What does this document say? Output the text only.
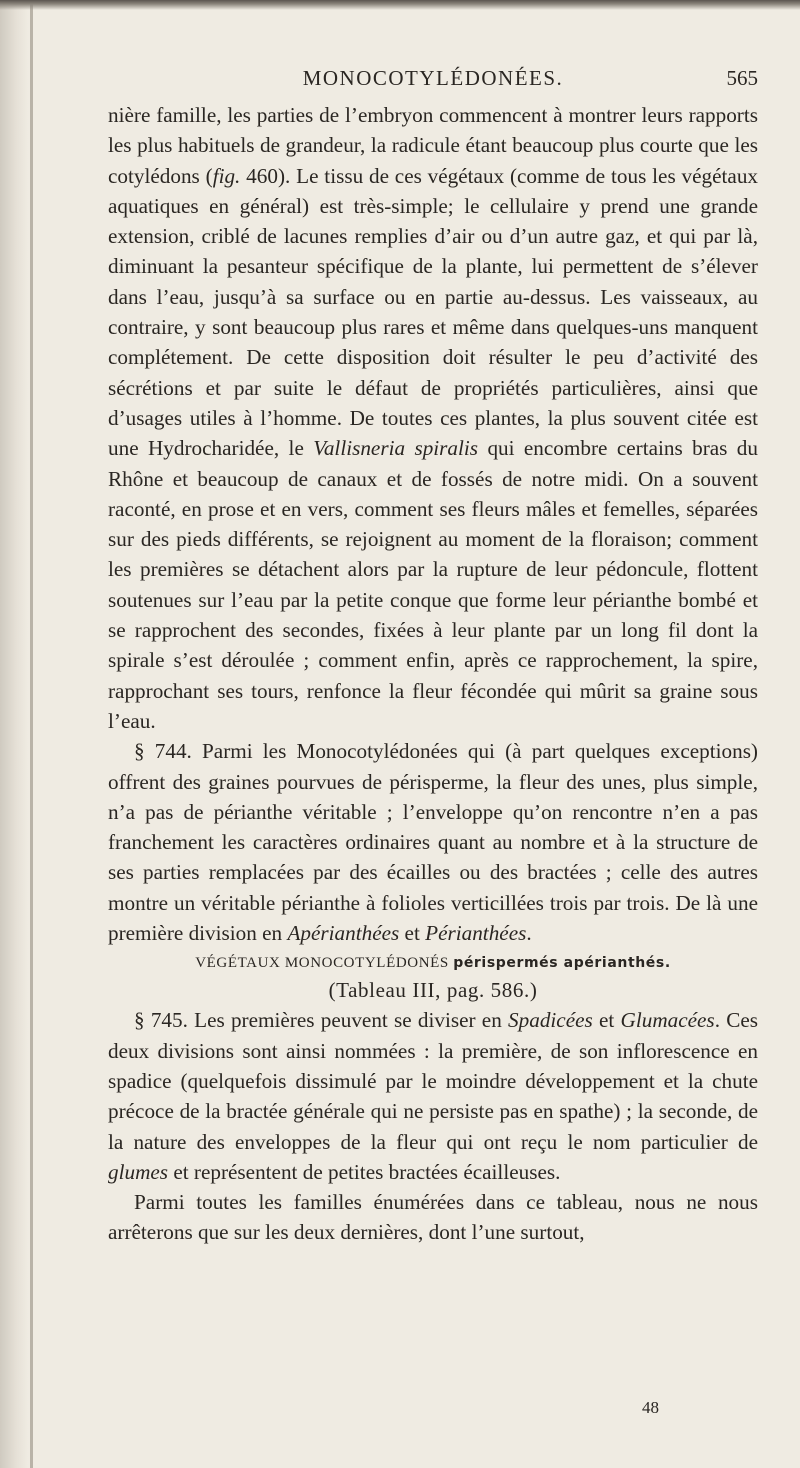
MONOCOTYLÉDONÉES.	565

nière famille, les parties de l’embryon commencent à montrer leurs rapports les plus habituels de grandeur, la radicule étant beaucoup plus courte que les cotylédons (fig. 460). Le tissu de ces végétaux (comme de tous les végétaux aquatiques en général) est très-simple; le cellulaire y prend une grande extension, criblé de lacunes remplies d’air ou d’un autre gaz, et qui par là, diminuant la pesanteur spécifique de la plante, lui permettent de s’élever dans l’eau, jusqu’à sa surface ou en partie au-dessus. Les vaisseaux, au contraire, y sont beaucoup plus rares et même dans quelques-uns manquent complétement. De cette disposition doit résulter le peu d’activité des sécrétions et par suite le défaut de propriétés particulières, ainsi que d’usages utiles à l’homme. De toutes ces plantes, la plus souvent citée est une Hydrocharidée, le Vallisneria spiralis qui encombre certains bras du Rhône et beaucoup de canaux et de fossés de notre midi. On a souvent raconté, en prose et en vers, comment ses fleurs mâles et femelles, séparées sur des pieds différents, se rejoignent au moment de la floraison; comment les premières se détachent alors par la rupture de leur pédoncule, flottent soutenues sur l’eau par la petite conque que forme leur périanthe bombé et se rapprochent des secondes, fixées à leur plante par un long fil dont la spirale s’est déroulée ; comment enfin, après ce rapprochement, la spire, rapprochant ses tours, renfonce la fleur fécondée qui mûrit sa graine sous l’eau.

§ 744. Parmi les Monocotylédonées qui (à part quelques exceptions) offrent des graines pourvues de périsperme, la fleur des unes, plus simple, n’a pas de périanthe véritable ; l’enveloppe qu’on rencontre n’en a pas franchement les caractères ordinaires quant au nombre et à la structure de ses parties remplacées par des écailles ou des bractées ; celle des autres montre un véritable périanthe à folioles verticillées trois par trois. De là une première division en Apérianthées et Périanthées.

VÉGÉTAUX MONOCOTYLÉDONÉS périspermés apérianthés.
(Tableau III, pag. 586.)

§ 745. Les premières peuvent se diviser en Spadicées et Glumacées. Ces deux divisions sont ainsi nommées : la première, de son inflorescence en spadice (quelquefois dissimulé par le moindre développement et la chute précoce de la bractée générale qui ne persiste pas en spathe) ; la seconde, de la nature des enveloppes de la fleur qui ont reçu le nom particulier de glumes et représentent de petites bractées écailleuses.

Parmi toutes les familles énumérées dans ce tableau, nous ne nous arrêterons que sur les deux dernières, dont l’une surtout,

48
